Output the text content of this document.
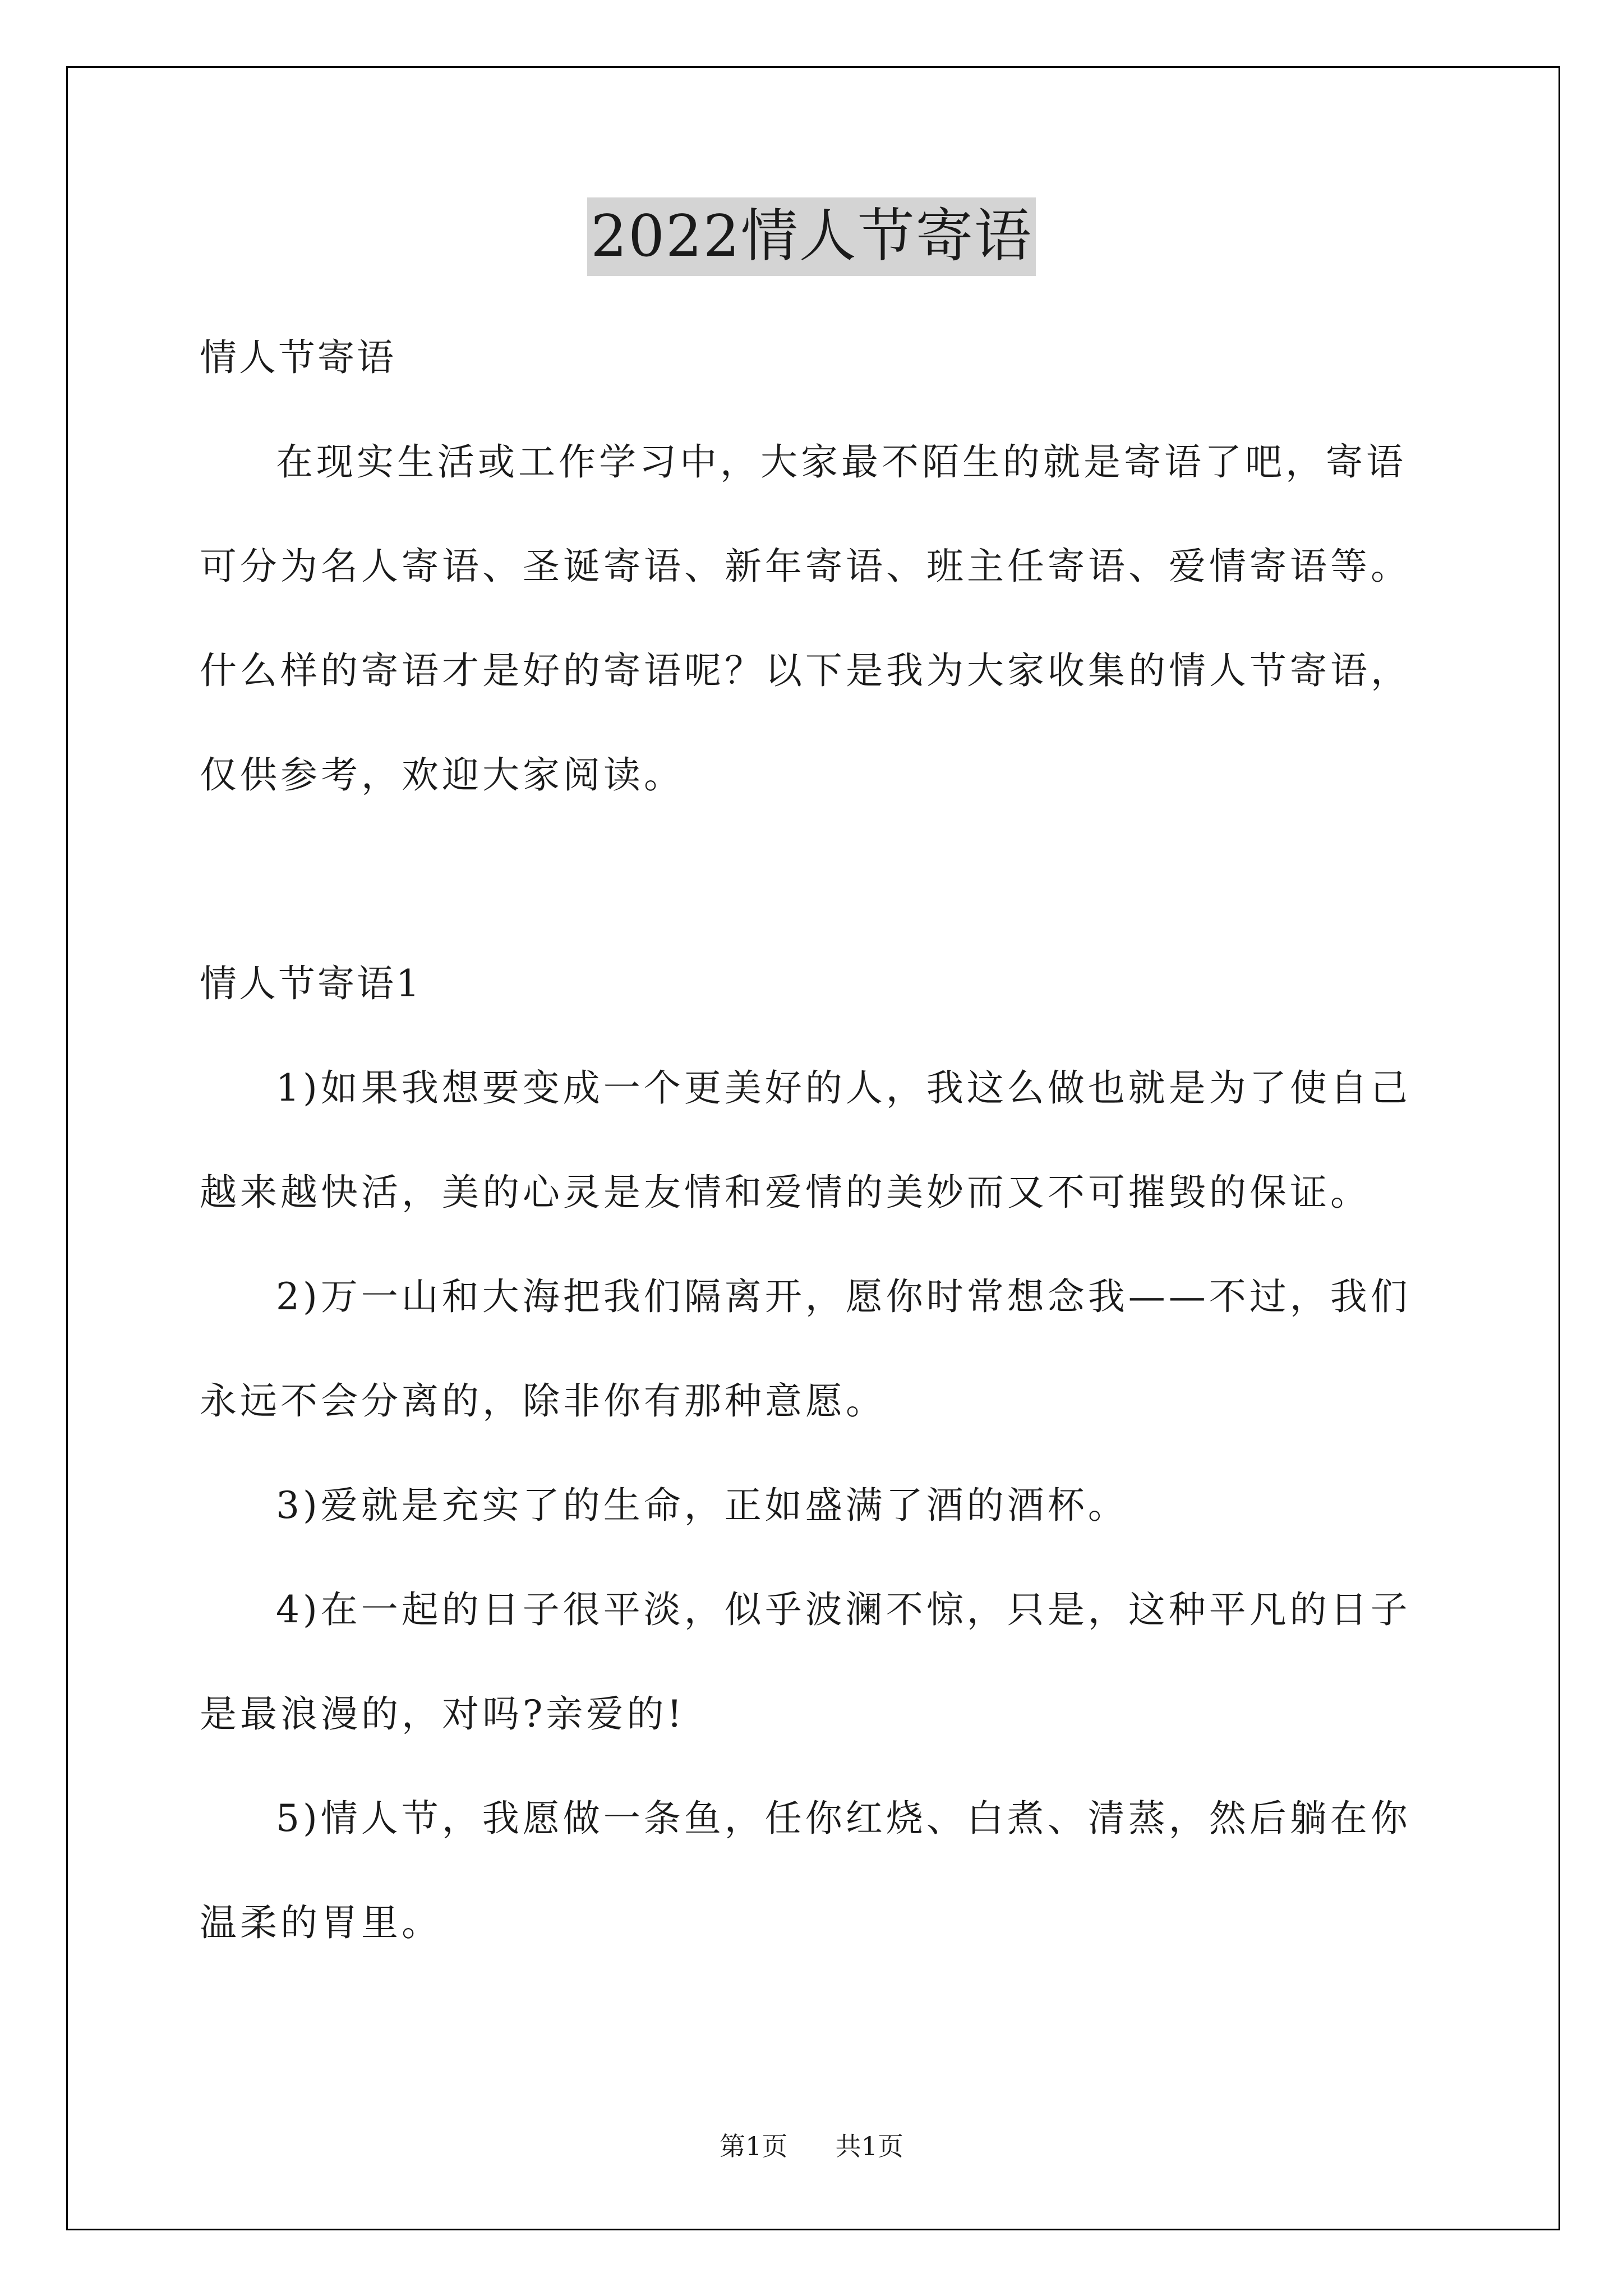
2022情人节寄语

情人节寄语

在现实生活或工作学习中，大家最不陌生的就是寄语了吧，寄语

可分为名人寄语、圣诞寄语、新年寄语、班主任寄语、爱情寄语等。

什么样的寄语才是好的寄语呢？以下是我为大家收集的情人节寄语，

仅供参考，欢迎大家阅读。

情人节寄语1

1)如果我想要变成一个更美好的人，我这么做也就是为了使自己

越来越快活，美的心灵是友情和爱情的美妙而又不可摧毁的保证。

2)万一山和大海把我们隔离开，愿你时常想念我——不过，我们

永远不会分离的，除非你有那种意愿。

3)爱就是充实了的生命，正如盛满了酒的酒杯。

4)在一起的日子很平淡，似乎波澜不惊，只是，这种平凡的日子

是最浪漫的，对吗?亲爱的!

5)情人节，我愿做一条鱼，任你红烧、白煮、清蒸，然后躺在你

温柔的胃里。

第1页 共1页
